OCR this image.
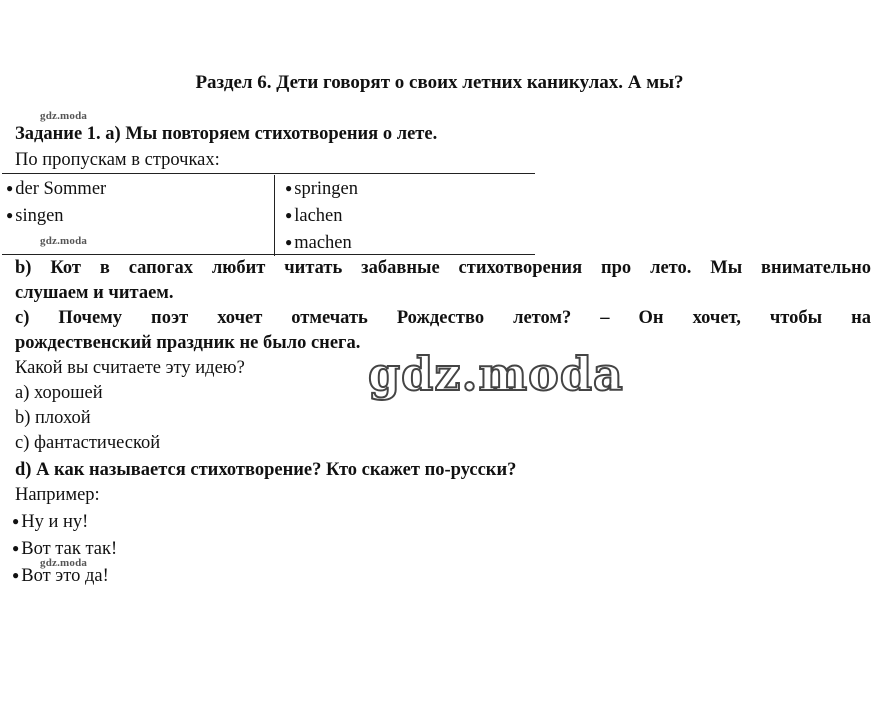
Раздел 6. Дети говорят о своих летних каникулах. А мы?
gdz.moda
Задание 1. a) Мы повторяем стихотворения о лете.
По пропускам в строчках:
● der Sommer	● springen
● singen	● lachen
	● machen
gdz.moda
b) Кот в сапогах любит читать забавные стихотворения про лето. Мы внимательно
слушаем и читаем.
c) Почему поэт хочет отмечать Рождество летом? – Он хочет, чтобы на
рождественский праздник не было снега.
Какой вы считаете эту идею?
a) хорошей
b) плохой
c) фантастической
gdz.moda
d) А как называется стихотворение? Кто скажет по-русски?
Например:
● Ну и ну!
● Вот так так!
gdz.moda
● Вот это да!
